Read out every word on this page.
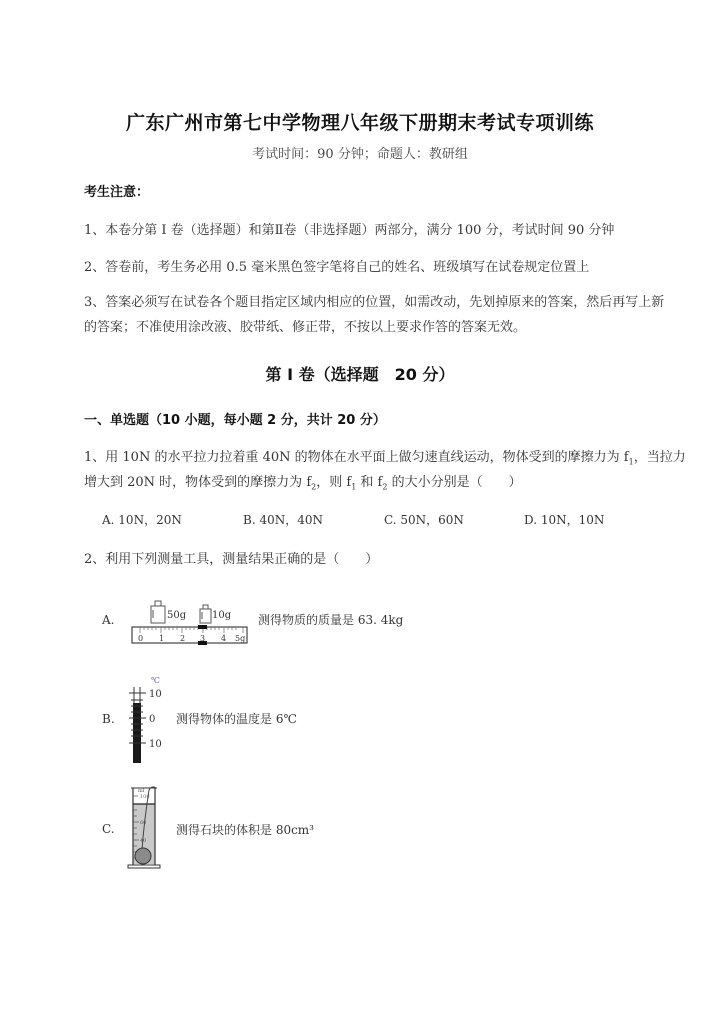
广东广州市第七中学物理八年级下册期末考试专项训练
考试时间：90 分钟；命题人：教研组
考生注意：
1、本卷分第 I 卷（选择题）和第Ⅱ卷（非选择题）两部分，满分 100 分，考试时间 90 分钟
2、答卷前，考生务必用 0.5 毫米黑色签字笔将自己的姓名、班级填写在试卷规定位置上
3、答案必须写在试卷各个题目指定区域内相应的位置，如需改动，先划掉原来的答案，然后再写上新的答案；不准使用涂改液、胶带纸、修正带，不按以上要求作答的答案无效。
第 I 卷（选择题　20 分）
一、单选题（10 小题，每小题 2 分，共计 20 分）
1、用 10N 的水平拉力拉着重 40N 的物体在水平面上做匀速直线运动，物体受到的摩擦力为 $f_1$，当拉力
增大到 20N 时，物体受到的摩擦力为 $f_2$，则 $f_1$ 和 $f_2$ 的大小分别是（　　）
A. 10N，20N	B. 40N，40N	C. 50N，60N	D. 10N，10N
2、利用下列测量工具，测量结果正确的是（　　）
A.	50g	10g
0 1 2 3 4 5g
测得物质的质量是 63. 4kg
B.
℃
10
0
10
测得物体的温度是 6℃
C.
ml
100
60
40
测得石块的体积是 80cm³
